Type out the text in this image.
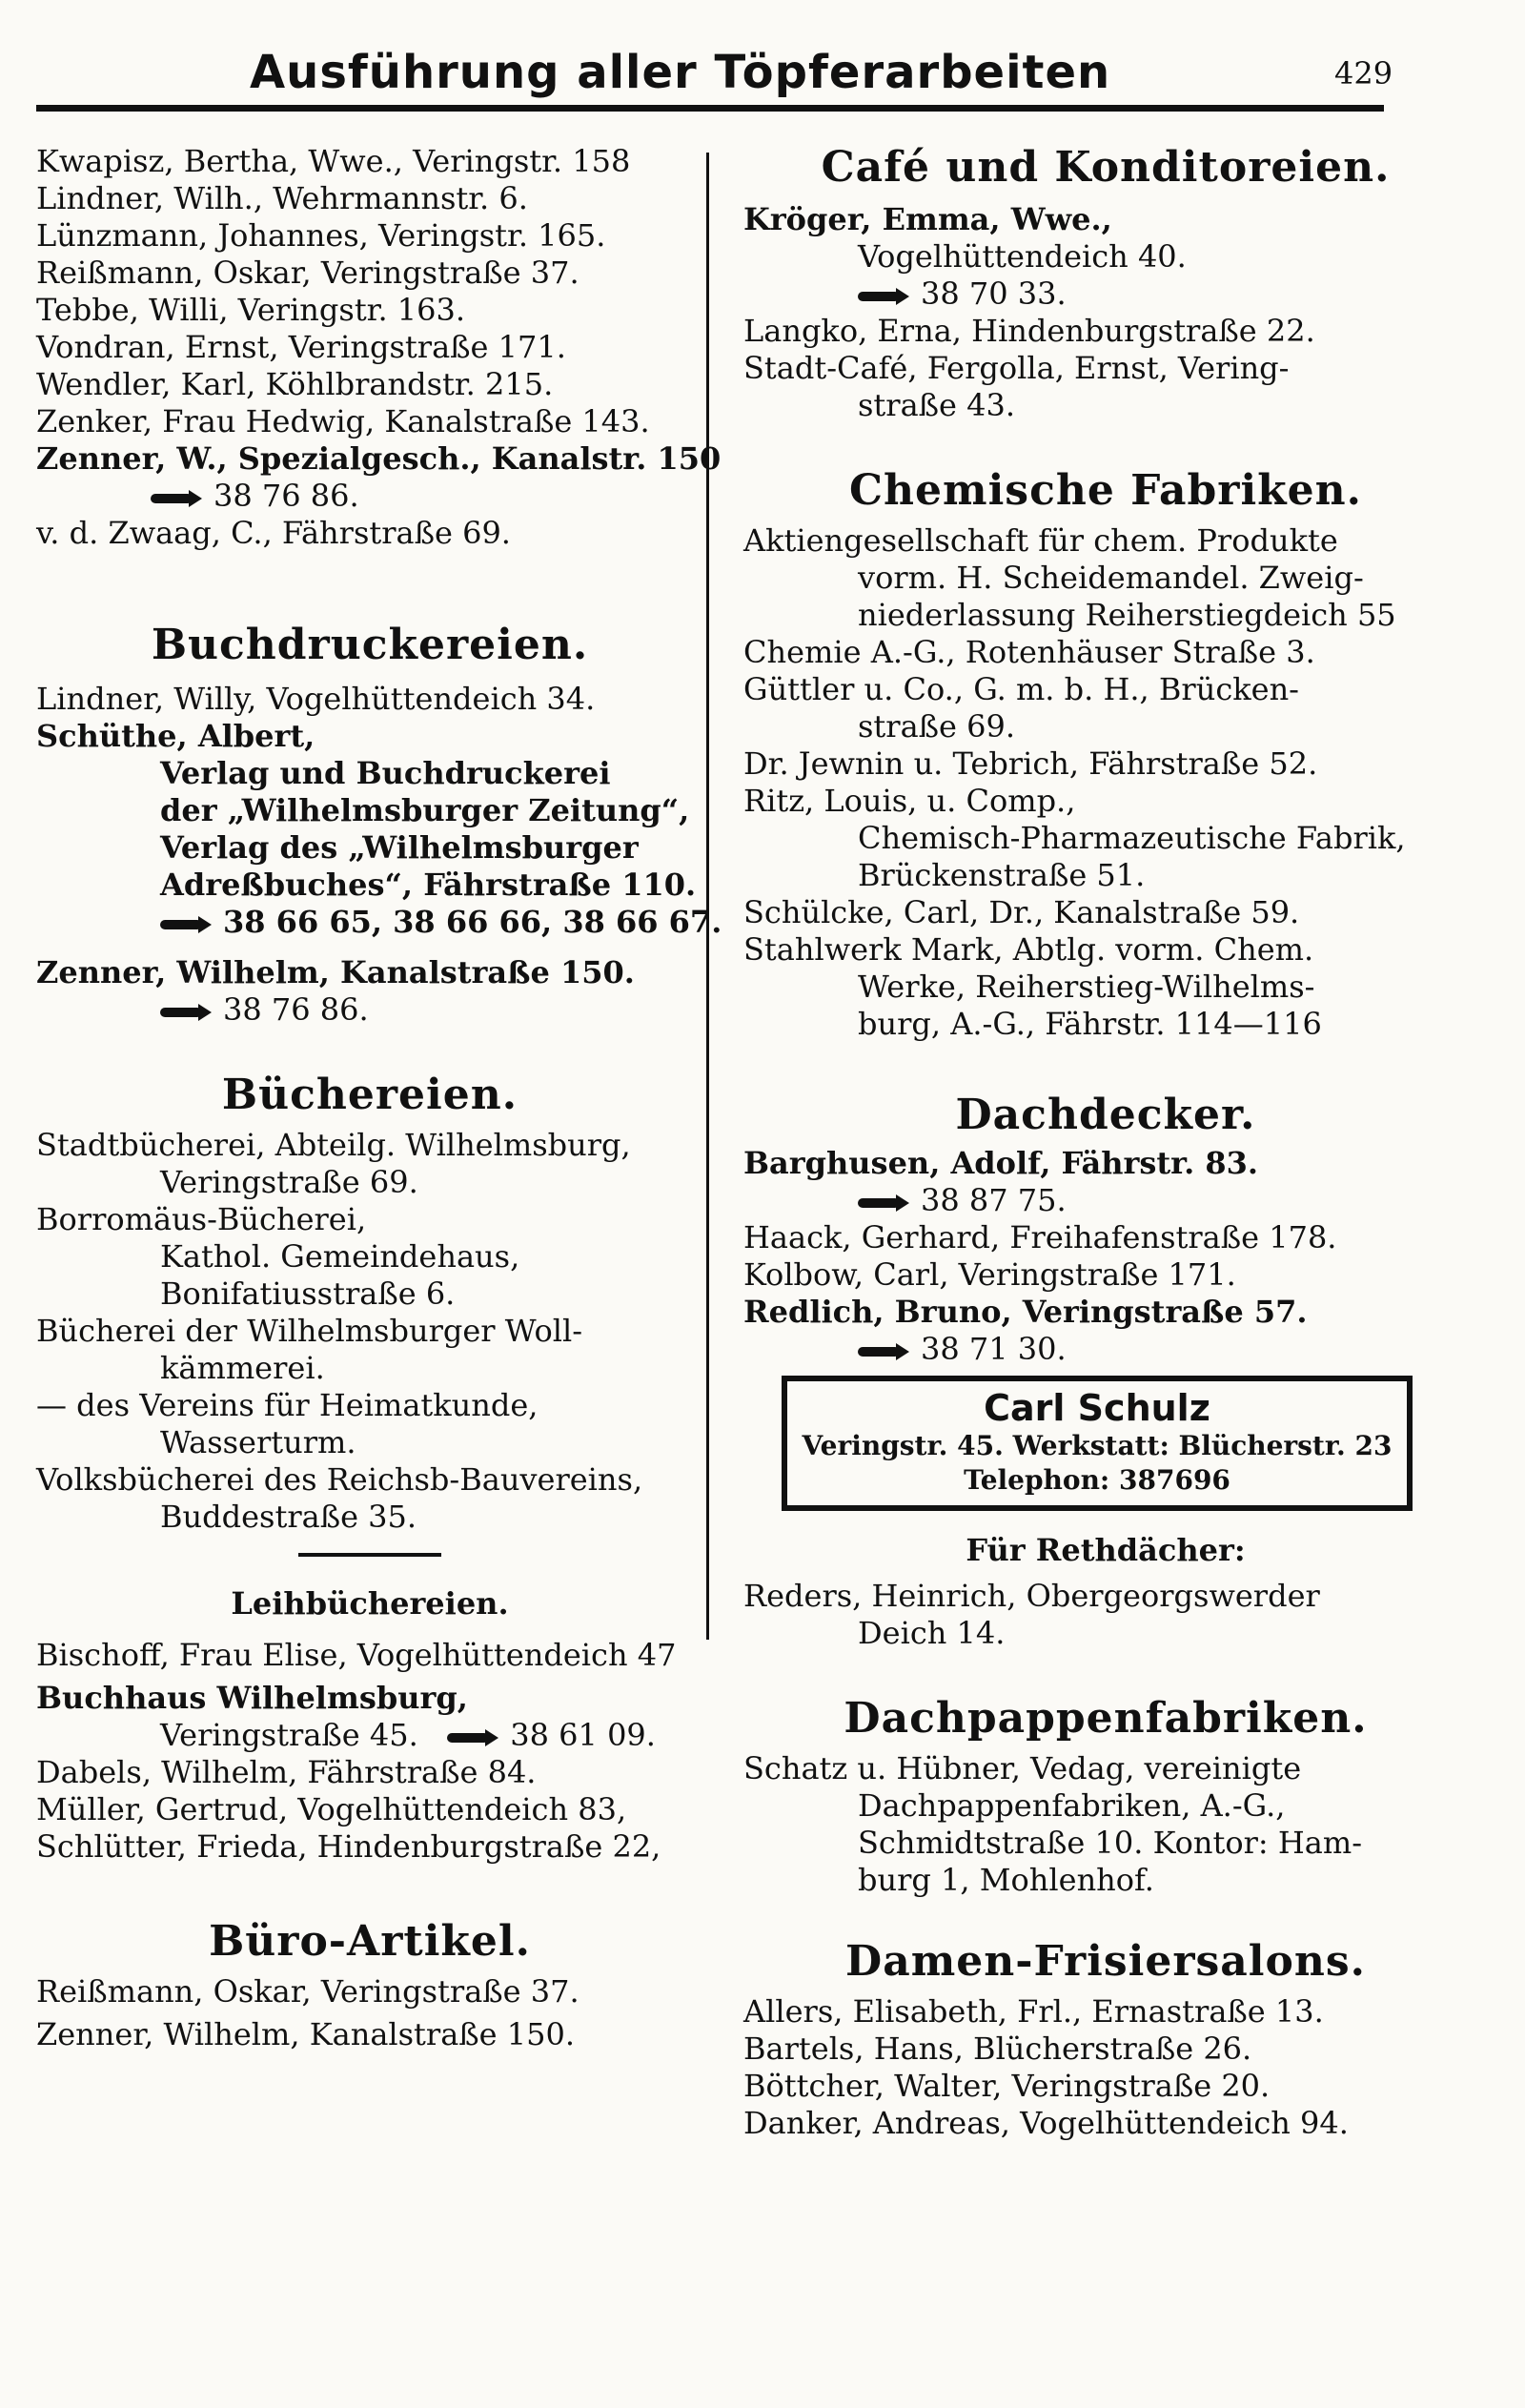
Ausführung aller Töpferarbeiten	429
Kwapisz, Bertha, Wwe., Veringstr. 158
Lindner, Wilh., Wehrmannstr. 6.
Lünzmann, Johannes, Veringstr. 165.
Reißmann, Oskar, Veringstraße 37.
Tebbe, Willi, Veringstr. 163.
Vondran, Ernst, Veringstraße 171.
Wendler, Karl, Köhlbrandstr. 215.
Zenker, Frau Hedwig, Kanalstraße 143.
Zenner, W., Spezialgesch., Kanalstr. 150
38 76 86.
v. d. Zwaag, C., Fährstraße 69.
Buchdruckereien.
Lindner, Willy, Vogelhüttendeich 34.
Schüthe, Albert,
Verlag und Buchdruckerei
der „Wilhelmsburger Zeitung“,
Verlag des „Wilhelmsburger
Adreßbuches“, Fährstraße 110.
38 66 65, 38 66 66, 38 66 67.
Zenner, Wilhelm, Kanalstraße 150.
38 76 86.
Büchereien.
Stadtbücherei, Abteilg. Wilhelmsburg,
Veringstraße 69.
Borromäus-Bücherei,
Kathol. Gemeindehaus,
Bonifatiusstraße 6.
Bücherei der Wilhelmsburger Woll-
kämmerei.
— des Vereins für Heimatkunde,
Wasserturm.
Volksbücherei des Reichsb-Bauvereins,
Buddestraße 35.
Leihbüchereien.
Bischoff, Frau Elise, Vogelhüttendeich 47
Buchhaus Wilhelmsburg,
Veringstraße 45.	38 61 09.
Dabels, Wilhelm, Fährstraße 84.
Müller, Gertrud, Vogelhüttendeich 83,
Schlütter, Frieda, Hindenburgstraße 22,
Büro-Artikel.
Reißmann, Oskar, Veringstraße 37.
Zenner, Wilhelm, Kanalstraße 150.
Café und Konditoreien.
Kröger, Emma, Wwe.,
Vogelhüttendeich 40.
38 70 33.
Langko, Erna, Hindenburgstraße 22.
Stadt-Café, Fergolla, Ernst, Vering-
straße 43.
Chemische Fabriken.
Aktiengesellschaft für chem. Produkte
vorm. H. Scheidemandel. Zweig-
niederlassung Reiherstiegdeich 55
Chemie A.-G., Rotenhäuser Straße 3.
Güttler u. Co., G. m. b. H., Brücken-
straße 69.
Dr. Jewnin u. Tebrich, Fährstraße 52.
Ritz, Louis, u. Comp.,
Chemisch-Pharmazeutische Fabrik,
Brückenstraße 51.
Schülcke, Carl, Dr., Kanalstraße 59.
Stahlwerk Mark, Abtlg. vorm. Chem.
Werke, Reiherstieg-Wilhelms-
burg, A.-G., Fährstr. 114—116
Dachdecker.
Barghusen, Adolf, Fährstr. 83.
38 87 75.
Haack, Gerhard, Freihafenstraße 178.
Kolbow, Carl, Veringstraße 171.
Redlich, Bruno, Veringstraße 57.
38 71 30.
Carl Schulz
Veringstr. 45. Werkstatt: Blücherstr. 23
Telephon: 387696
Für Rethdächer:
Reders, Heinrich, Obergeorgswerder
Deich 14.
Dachpappenfabriken.
Schatz u. Hübner, Vedag, vereinigte
Dachpappenfabriken, A.-G.,
Schmidtstraße 10. Kontor: Ham-
burg 1, Mohlenhof.
Damen-Frisiersalons.
Allers, Elisabeth, Frl., Ernastraße 13.
Bartels, Hans, Blücherstraße 26.
Böttcher, Walter, Veringstraße 20.
Danker, Andreas, Vogelhüttendeich 94.
